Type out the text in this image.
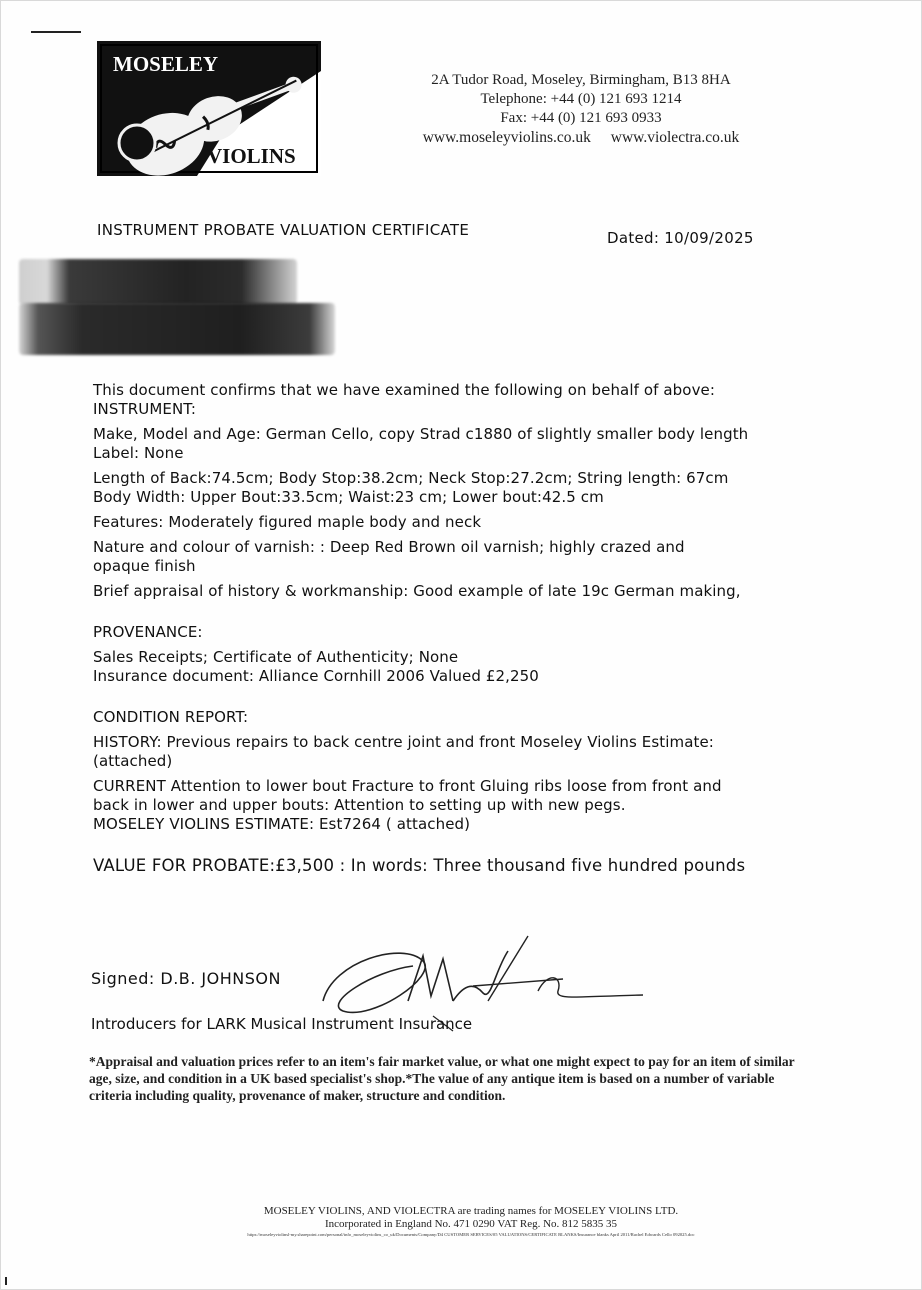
MOSELEY
VIOLINS
2A Tudor Road, Moseley, Birmingham, B13 8HA
Telephone: +44 (0) 121 693 1214
Fax: +44 (0) 121 693 0933
www.moseleyviolins.co.uk www.violectra.co.uk
INSTRUMENT PROBATE VALUATION CERTIFICATE	Dated: 10/09/2025
This document confirms that we have examined the following on behalf of above:
INSTRUMENT:
Make, Model and Age: German Cello, copy Strad c1880 of slightly smaller body length
Label: None
Length of Back:74.5cm; Body Stop:38.2cm; Neck Stop:27.2cm; String length: 67cm
Body Width: Upper Bout:33.5cm; Waist:23 cm; Lower bout:42.5 cm
Features: Moderately figured maple body and neck
Nature and colour of varnish: : Deep Red Brown oil varnish; highly crazed and
opaque finish
Brief appraisal of history & workmanship: Good example of late 19c German making,
PROVENANCE:
Sales Receipts; Certificate of Authenticity; None
Insurance document: Alliance Cornhill 2006 Valued £2,250
CONDITION REPORT:
HISTORY: Previous repairs to back centre joint and front Moseley Violins Estimate:
(attached)
CURRENT Attention to lower bout Fracture to front Gluing ribs loose from front and
back in lower and upper bouts: Attention to setting up with new pegs.
MOSELEY VIOLINS ESTIMATE: Est7264 ( attached)
VALUE FOR PROBATE:£3,500 : In words: Three thousand five hundred pounds
Signed: D.B. JOHNSON
Introducers for LARK Musical Instrument Insurance
*Appraisal and valuation prices refer to an item's fair market value, or what one might expect to pay for an item of similar age, size, and condition in a UK based specialist's shop.*The value of any antique item is based on a number of variable criteria including quality, provenance of maker, structure and condition.
MOSELEY VIOLINS, AND VIOLECTRA are trading names for MOSELEY VIOLINS LTD.
Incorporated in England No. 471 0290 VAT Reg. No. 812 5835 35
https://moseleyviolinsl-my.sharepoint.com/personal/info_moseleyviolins_co_uk/Documents/Company/D4 CUSTOMER SERVICES/05 VALUATIONS/CERTIFICATE BLANKS/Insurance blanks April 2011/Rachel Edwards Cello 092025.doc
